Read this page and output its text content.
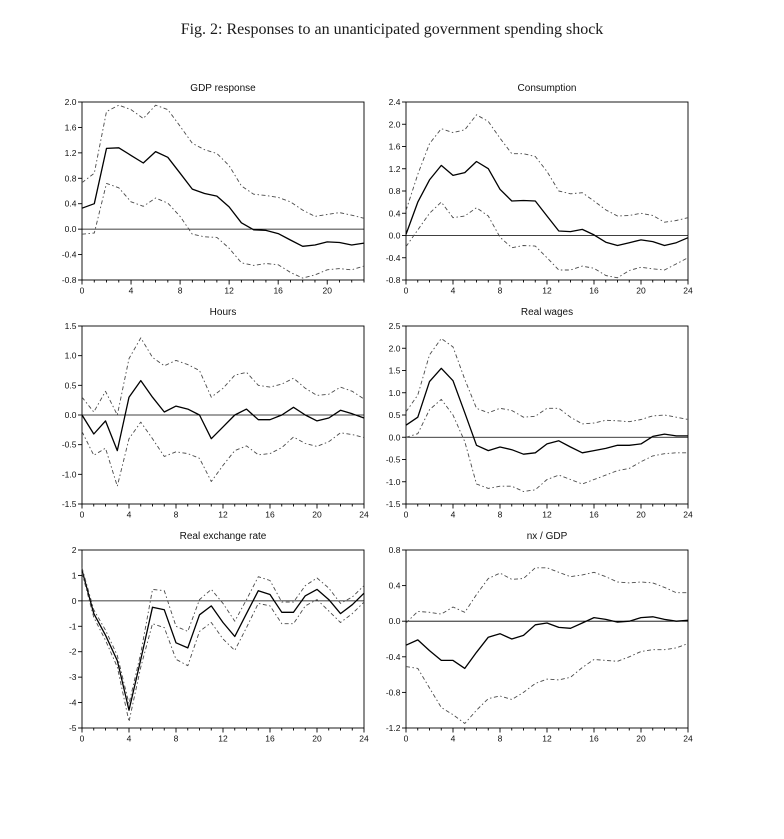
Fig. 2: Responses to an unanticipated government spending shock
GDP response
-0.8
-0.4
0.0
0.4
0.8
1.2
1.6
2.0
0	4	8	12	16	20
Consumption
-0.8
-0.4
0.0
0.4
0.8
1.2
1.6
2.0
2.4
0	4	8	12	16	20	24
Hours
-1.5
-1.0
-0.5
0.0
0.5
1.0
1.5
0	4	8	12	16	20	24
Real wages
-1.5
-1.0
-0.5
0.0
0.5
1.0
1.5
2.0
2.5
0	4	8	12	16	20	24
Real exchange rate
-5
-4
-3
-2
-1
0
1
2
0	4	8	12	16	20	24
nx / GDP
-1.2
-0.8
-0.4
0.0
0.4
0.8
0	4	8	12	16	20	24
